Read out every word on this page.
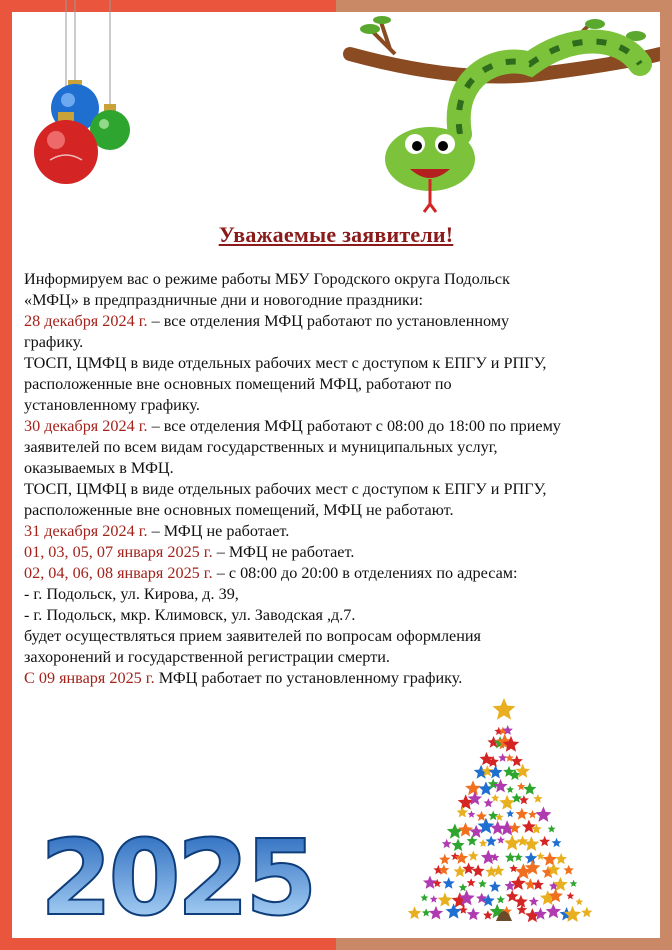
Уважаемые заявители!

Информируем вас о режиме работы МБУ Городского округа Подольск

«МФЦ» в предпраздничные дни и новогодние праздники:

28 декабря 2024 г. – все отделения МФЦ работают по установленному

графику.

ТОСП, ЦМФЦ в виде отдельных рабочих мест с доступом к ЕПГУ и РПГУ,

расположенные вне основных помещений МФЦ, работают по

установленному графику.

30 декабря 2024 г. – все отделения МФЦ работают с 08:00 до 18:00 по приему

заявителей по всем видам государственных и муниципальных услуг,

оказываемых в МФЦ.

ТОСП, ЦМФЦ в виде отдельных рабочих мест с доступом к ЕПГУ и РПГУ,

расположенные вне основных помещений, МФЦ не работают.

31 декабря 2024 г. – МФЦ не работает.

01, 03, 05, 07 января 2025 г. – МФЦ не работает.

02, 04, 06, 08 января 2025 г. – с 08:00 до 20:00 в отделениях по адресам:

- г. Подольск, ул. Кирова, д. 39,

- г. Подольск, мкр. Климовск, ул. Заводская ,д.7.

будет осуществляться прием заявителей по вопросам оформления

захоронений и государственной регистрации смерти.

С 09 января 2025 г. МФЦ работает по установленному графику.

2025
